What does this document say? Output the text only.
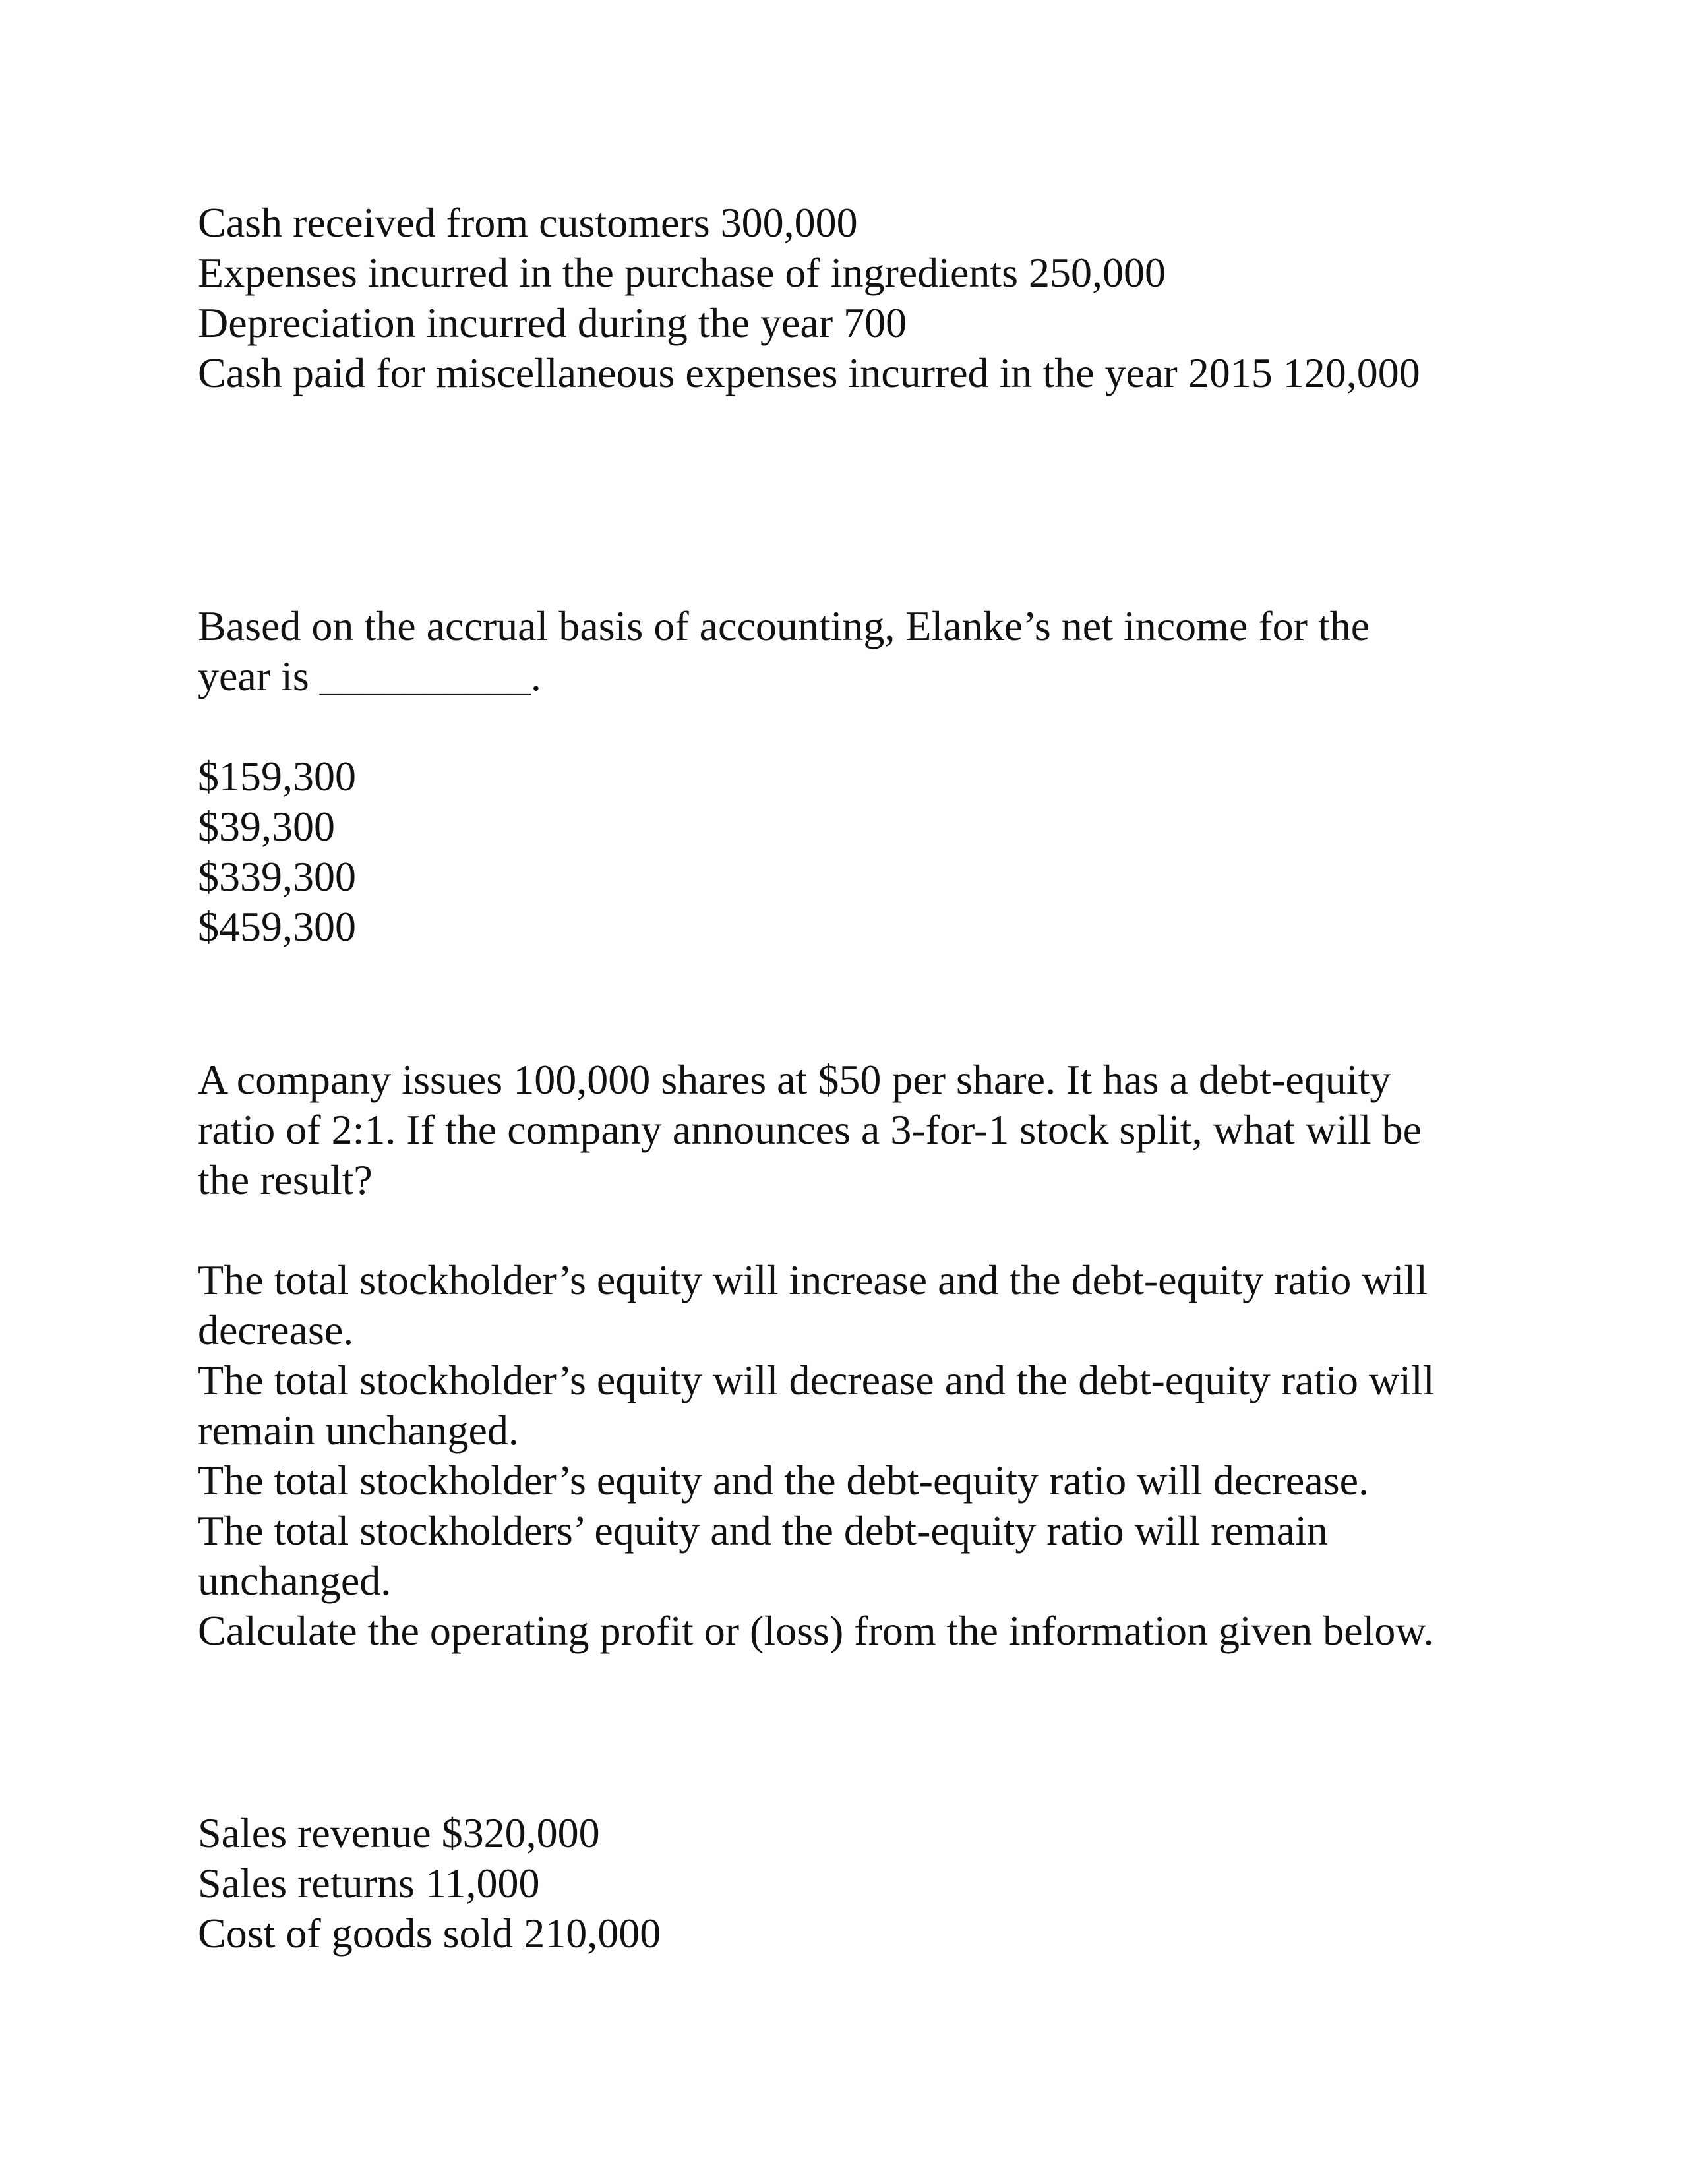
Cash received from customers 300,000
Expenses incurred in the purchase of ingredients 250,000
Depreciation incurred during the year 700
Cash paid for miscellaneous expenses incurred in the year 2015 120,000
Based on the accrual basis of accounting, Elanke’s net income for the
year is __________.
$159,300
$39,300
$339,300
$459,300
A company issues 100,000 shares at $50 per share. It has a debt-equity
ratio of 2:1. If the company announces a 3-for-1 stock split, what will be
the result?
The total stockholder’s equity will increase and the debt-equity ratio will decrease.
The total stockholder’s equity will decrease and the debt-equity ratio will remain unchanged.
The total stockholder’s equity and the debt-equity ratio will decrease.
The total stockholders’ equity and the debt-equity ratio will remain unchanged.
Calculate the operating profit or (loss) from the information given below.
Sales revenue $320,000
Sales returns 11,000
Cost of goods sold 210,000
